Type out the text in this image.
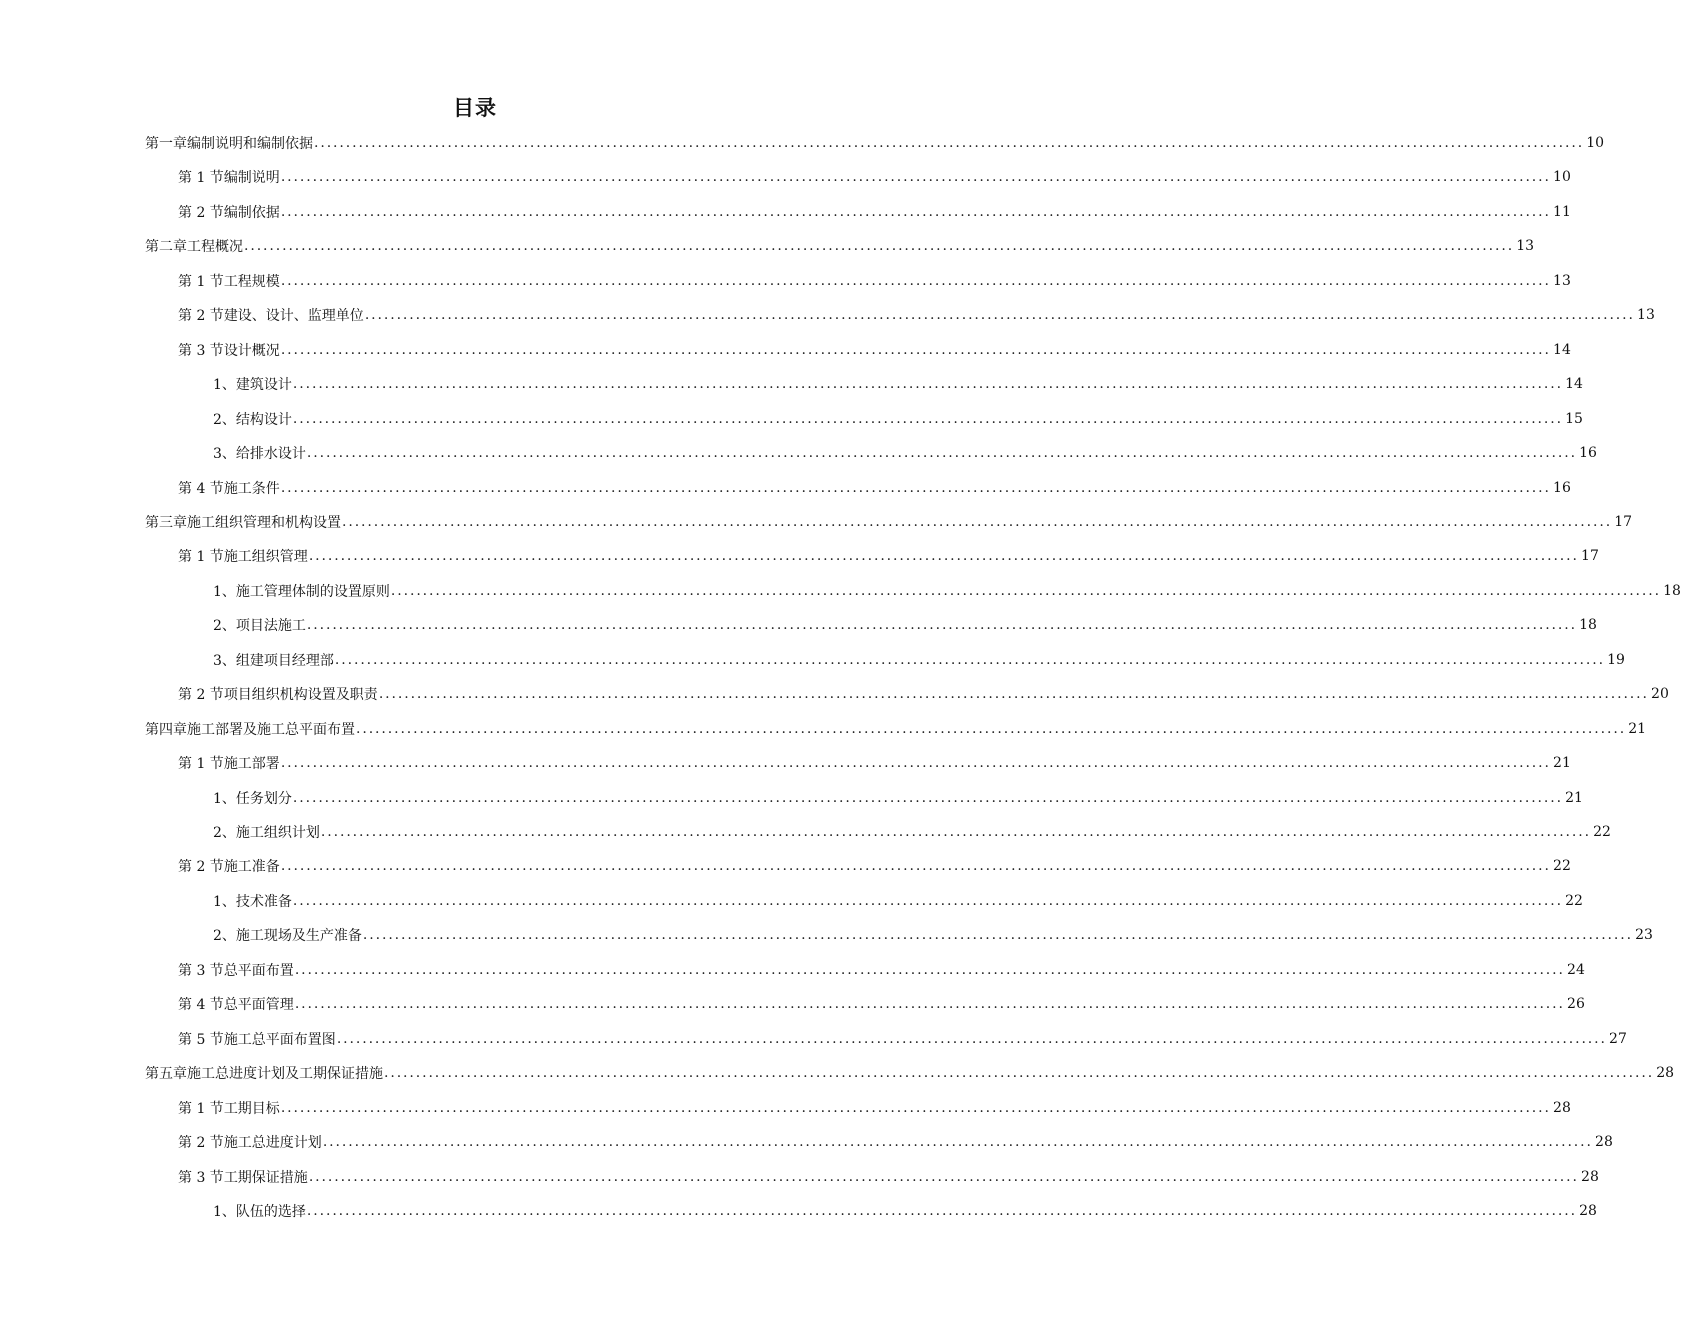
目录
第一章 编制说明和编制依据 ........................................................................................................................................................................................................ 10
第 1 节 编制说明 ........................................................................................................................................................................................................ 10
第 2 节 编制依据 ........................................................................................................................................................................................................ 11
第二章 工程概况 ........................................................................................................................................................................................................ 13
第 1 节 工程规模 ........................................................................................................................................................................................................ 13
第 2 节 建设、设计、监理单位 ........................................................................................................................................................................................................ 13
第 3 节 设计概况 ........................................................................................................................................................................................................ 14
1、 建筑设计 ........................................................................................................................................................................................................ 14
2、 结构设计 ........................................................................................................................................................................................................ 15
3、 给排水设计 ........................................................................................................................................................................................................ 16
第 4 节 施工条件 ........................................................................................................................................................................................................ 16
第三章 施工组织管理和机构设置 ........................................................................................................................................................................................................ 17
第 1 节 施工组织管理 ........................................................................................................................................................................................................ 17
1、 施工管理体制的设置原则 ........................................................................................................................................................................................................ 18
2、 项目法施工 ........................................................................................................................................................................................................ 18
3、 组建项目经理部 ........................................................................................................................................................................................................ 19
第 2 节 项目组织机构设置及职责 ........................................................................................................................................................................................................ 20
第四章 施工部署及施工总平面布置 ........................................................................................................................................................................................................ 21
第 1 节 施工部署 ........................................................................................................................................................................................................ 21
1、 任务划分 ........................................................................................................................................................................................................ 21
2、 施工组织计划 ........................................................................................................................................................................................................ 22
第 2 节 施工准备 ........................................................................................................................................................................................................ 22
1、 技术准备 ........................................................................................................................................................................................................ 22
2、 施工现场及生产准备 ........................................................................................................................................................................................................ 23
第 3 节 总平面布置 ........................................................................................................................................................................................................ 24
第 4 节 总平面管理 ........................................................................................................................................................................................................ 26
第 5 节 施工总平面布置图 ........................................................................................................................................................................................................ 27
第五章 施工总进度计划及工期保证措施 ........................................................................................................................................................................................................ 28
第 1 节 工期目标 ........................................................................................................................................................................................................ 28
第 2 节 施工总进度计划 ........................................................................................................................................................................................................ 28
第 3 节 工期保证措施 ........................................................................................................................................................................................................ 28
1、 队伍的选择 ........................................................................................................................................................................................................ 28
